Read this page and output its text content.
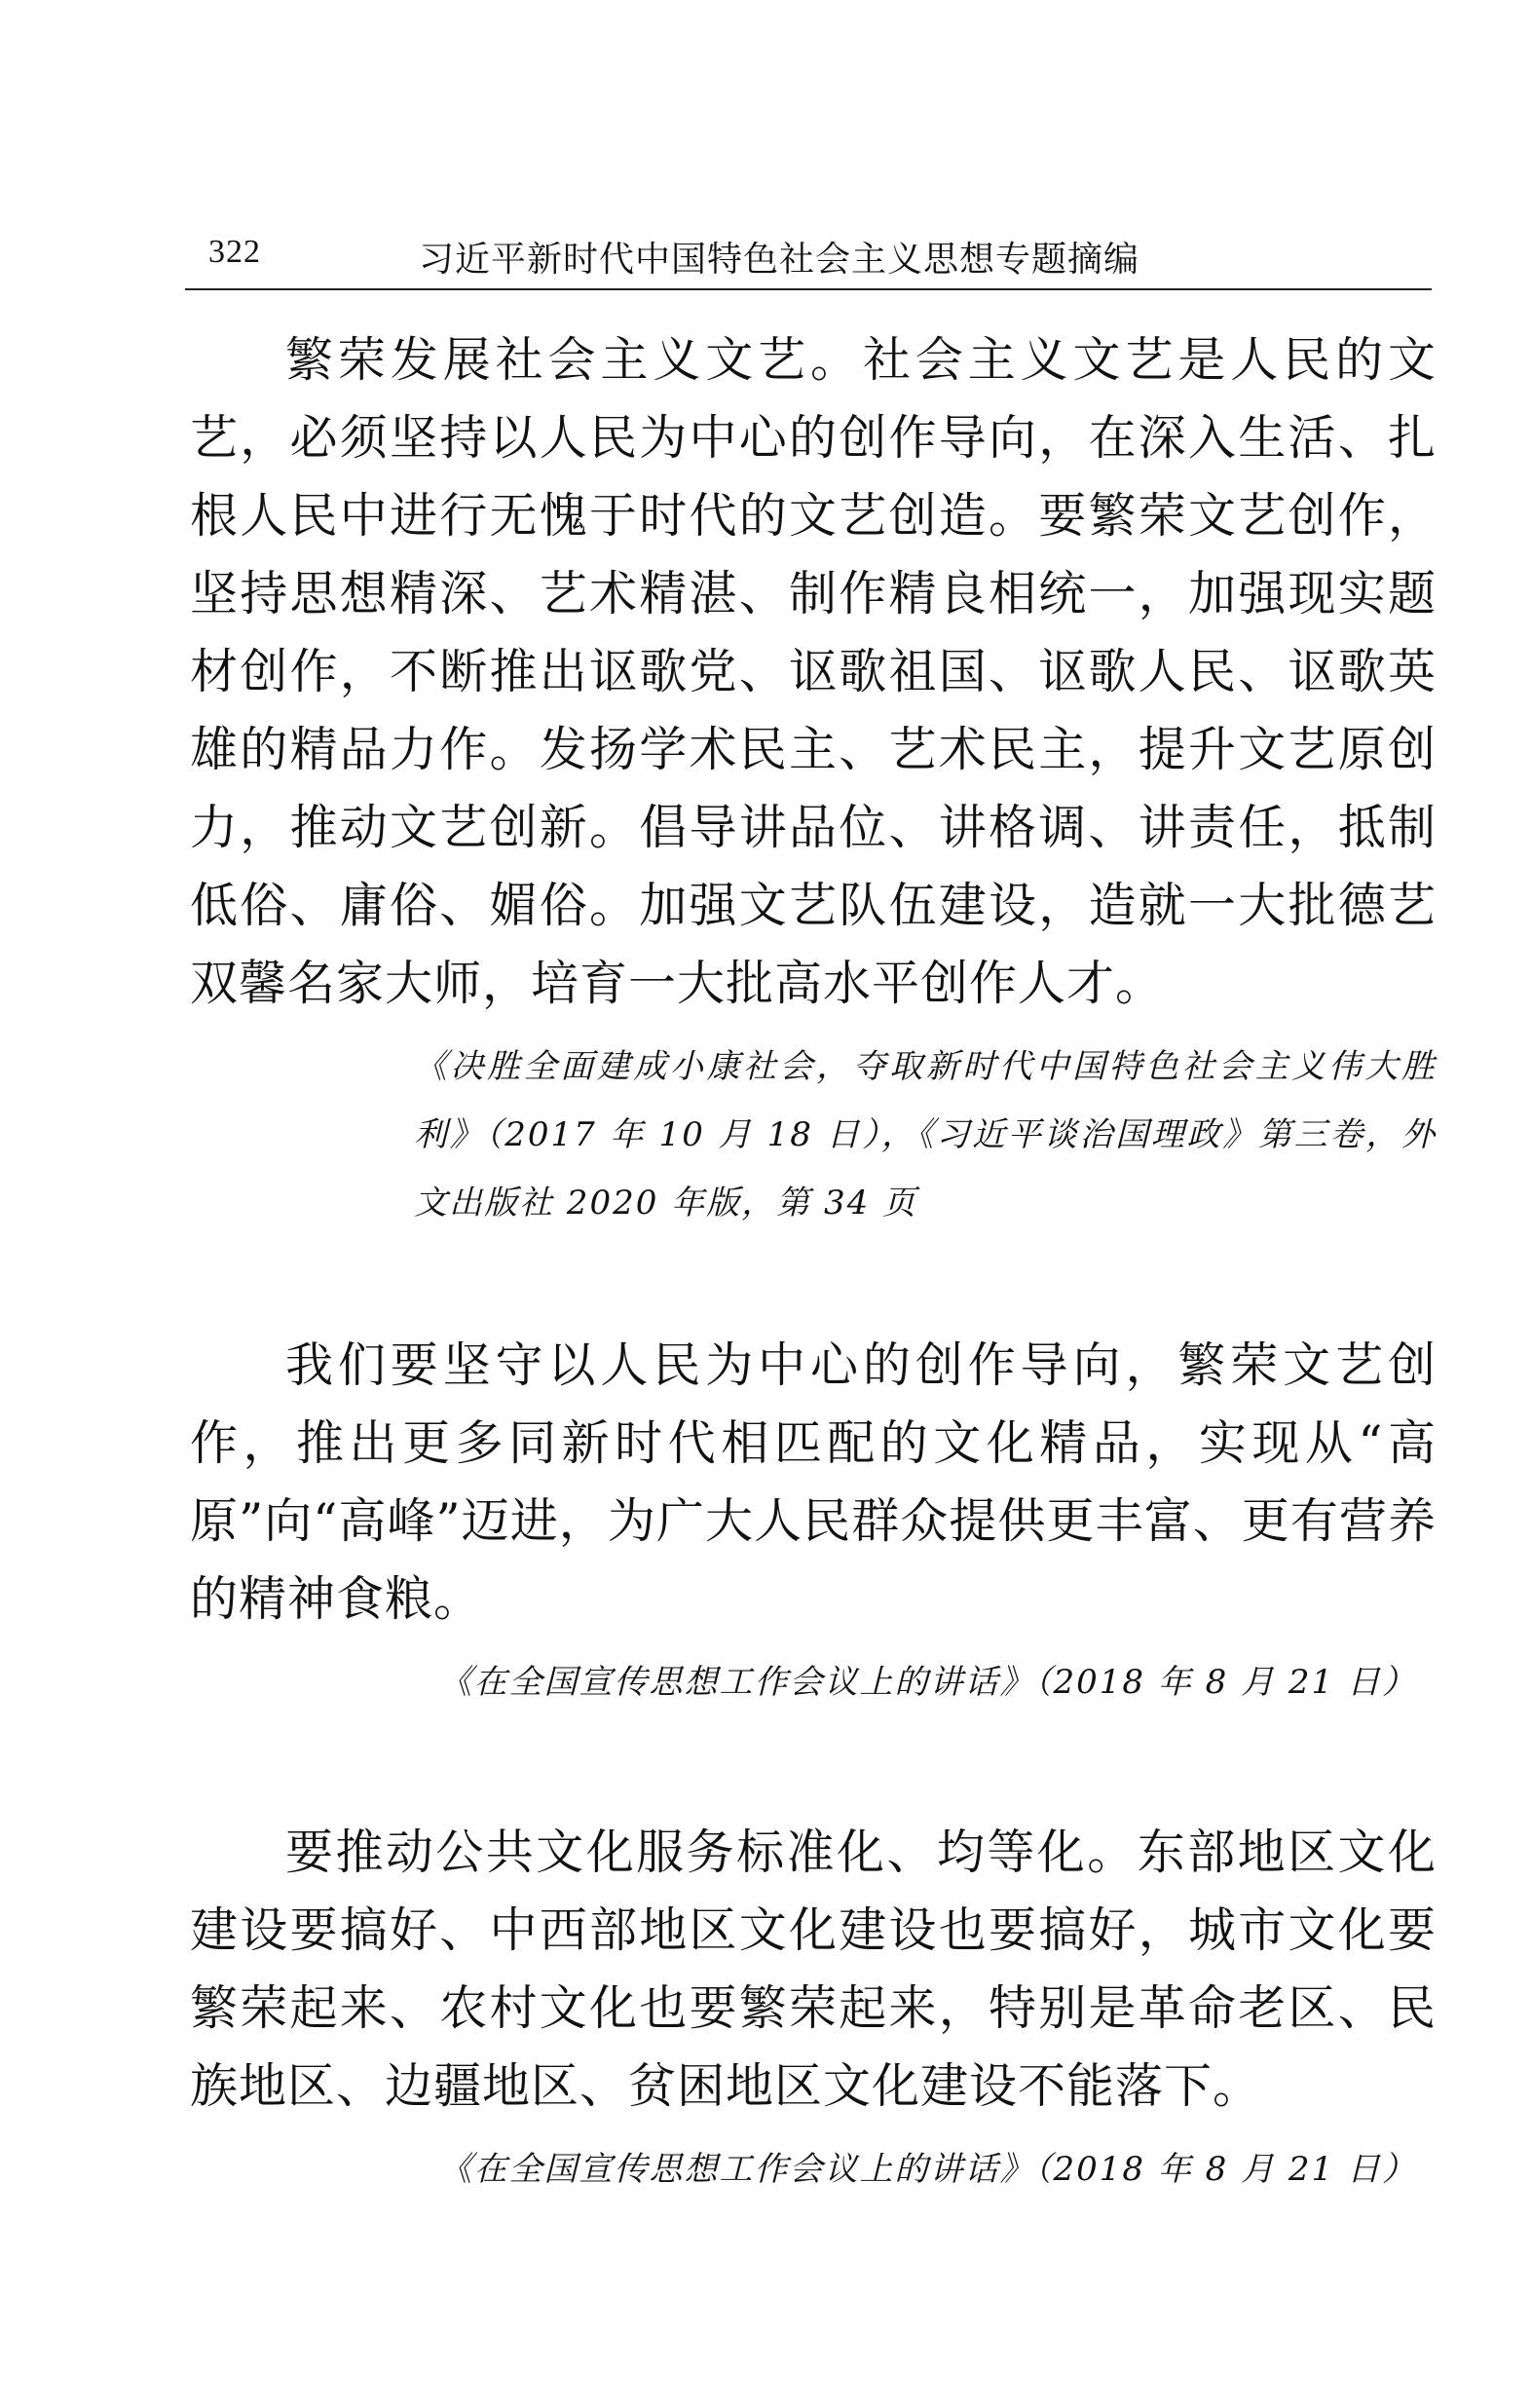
322	习近平新时代中国特色社会主义思想专题摘编

繁荣发展社会主义文艺。社会主义文艺是人民的文艺，必须坚持以人民为中心的创作导向，在深入生活、扎根人民中进行无愧于时代的文艺创造。要繁荣文艺创作，坚持思想精深、艺术精湛、制作精良相统一，加强现实题材创作，不断推出讴歌党、讴歌祖国、讴歌人民、讴歌英雄的精品力作。发扬学术民主、艺术民主，提升文艺原创力，推动文艺创新。倡导讲品位、讲格调、讲责任，抵制低俗、庸俗、媚俗。加强文艺队伍建设，造就一大批德艺双馨名家大师，培育一大批高水平创作人才。

《决胜全面建成小康社会，夺取新时代中国特色社会主义伟大胜利》（2017 年 10 月 18 日），《习近平谈治国理政》第三卷，外文出版社 2020 年版，第 34 页

我们要坚守以人民为中心的创作导向，繁荣文艺创作，推出更多同新时代相匹配的文化精品，实现从“高原”向“高峰”迈进，为广大人民群众提供更丰富、更有营养的精神食粮。

《在全国宣传思想工作会议上的讲话》（2018 年 8 月 21 日）

要推动公共文化服务标准化、均等化。东部地区文化建设要搞好、中西部地区文化建设也要搞好，城市文化要繁荣起来、农村文化也要繁荣起来，特别是革命老区、民族地区、边疆地区、贫困地区文化建设不能落下。

《在全国宣传思想工作会议上的讲话》（2018 年 8 月 21 日）
